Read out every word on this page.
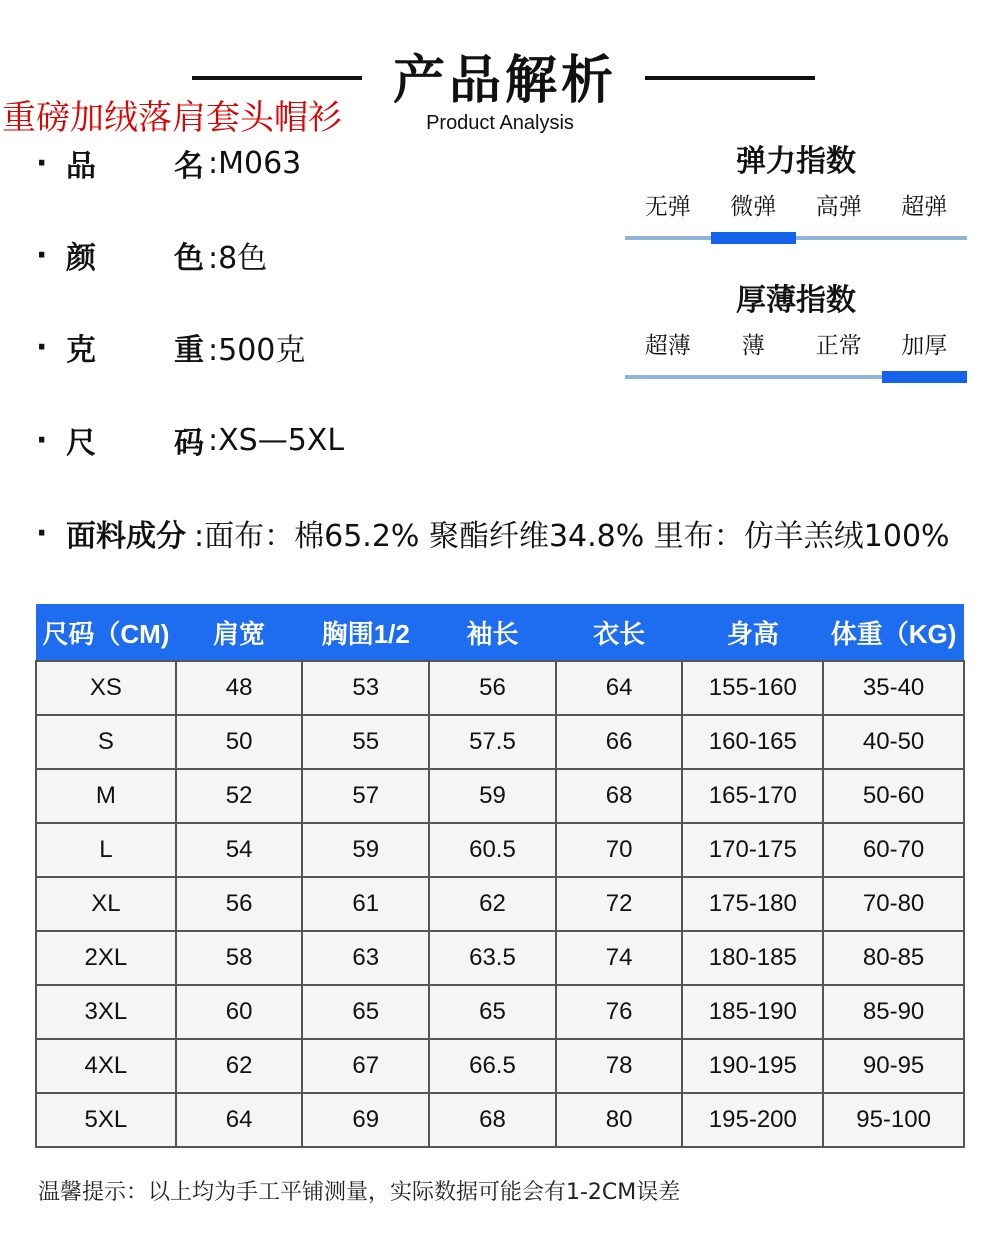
产品解析
Product Analysis
重磅加绒落肩套头帽衫
· 品	名 :M063
· 颜	色 :8色
· 克	重 :500克
· 尺	码 :XS—5XL
· 面料成分 :面布：棉65.2% 聚酯纤维34.8% 里布：仿羊羔绒100%
弹力指数
无弹	微弹	高弹	超弹
厚薄指数
超薄	薄	正常	加厚
尺码（CM)	肩宽	胸围1/2	袖长	衣长	身高	体重（KG)
XS	48	53	56	64	155-160	35-40
S	50	55	57.5	66	160-165	40-50
M	52	57	59	68	165-170	50-60
L	54	59	60.5	70	170-175	60-70
XL	56	61	62	72	175-180	70-80
2XL	58	63	63.5	74	180-185	80-85
3XL	60	65	65	76	185-190	85-90
4XL	62	67	66.5	78	190-195	90-95
5XL	64	69	68	80	195-200	95-100
温馨提示：以上均为手工平铺测量，实际数据可能会有1-2CM误差
